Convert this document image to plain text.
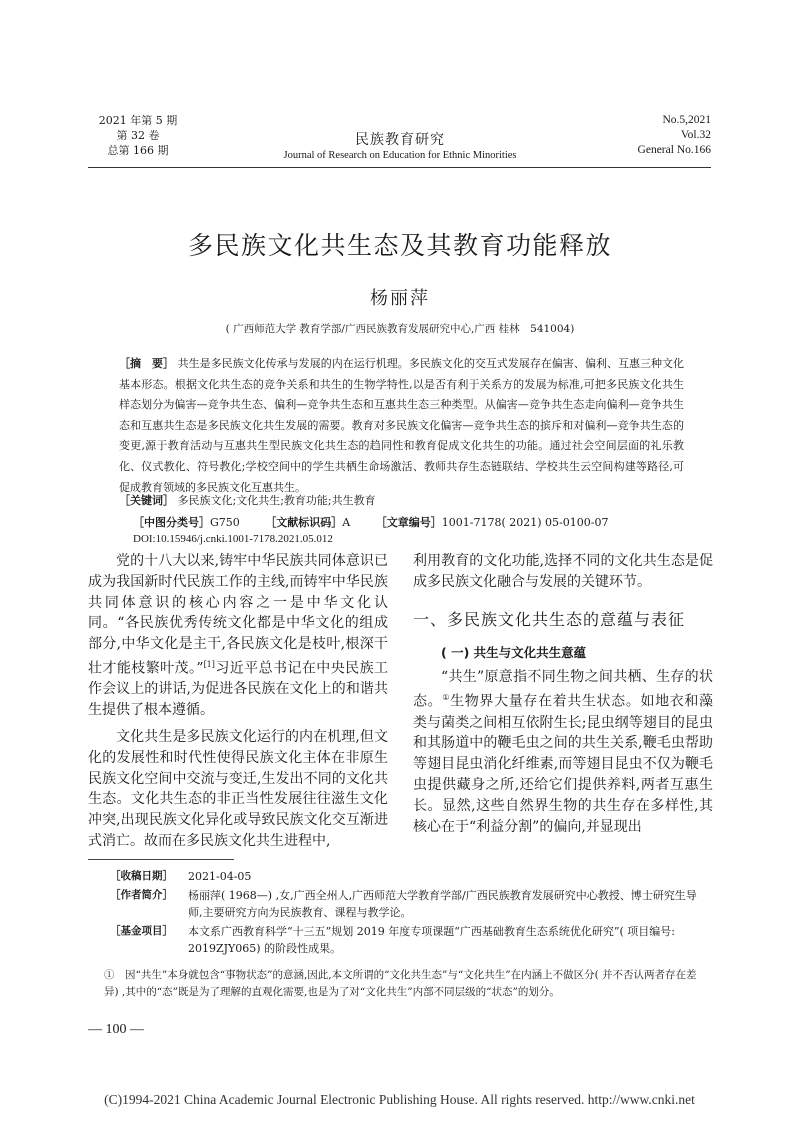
2021 年第 5 期
第 32 卷
总第 166 期
民族教育研究
Journal of Research on Education for Ethnic Minorities
No.5,2021
Vol.32
General No.166
多民族文化共生态及其教育功能释放
杨丽萍
( 广西师范大学 教育学部/广西民族教育发展研究中心,广西 桂林　541004)
［摘　要］ 共生是多民族文化传承与发展的内在运行机理。多民族文化的交互式发展存在偏害、偏利、互惠三种文化基本形态。根据文化共生态的竞争关系和共生的生物学特性,以是否有利于关系方的发展为标准,可把多民族文化共生样态划分为偏害—竞争共生态、偏利—竞争共生态和互惠共生态三种类型。从偏害—竞争共生态走向偏利—竞争共生态和互惠共生态是多民族文化共生发展的需要。教育对多民族文化偏害—竞争共生态的摈斥和对偏利—竞争共生态的变更,源于教育活动与互惠共生型民族文化共生态的趋同性和教育促成文化共生的功能。通过社会空间层面的礼乐教化、仪式教化、符号教化;学校空间中的学生共栖生命场激活、教师共存生态链联结、学校共生云空间构建等路径,可促成教育领域的多民族文化互惠共生。
［关键词］ 多民族文化;文化共生;教育功能;共生教育
［中图分类号］G750 ［文献标识码］A ［文章编号］1001-7178( 2021) 05-0100-07
DOI:10.15946/j.cnki.1001-7178.2021.05.012

党的十八大以来,铸牢中华民族共同体意识已成为我国新时代民族工作的主线,而铸牢中华民族共同体意识的核心内容之一是中华文化认同。“各民族优秀传统文化都是中华文化的组成部分,中华文化是主干,各民族文化是枝叶,根深干壮才能枝繁叶茂。”[1]习近平总书记在中央民族工作会议上的讲话,为促进各民族在文化上的和谐共生提供了根本遵循。

文化共生是多民族文化运行的内在机理,但文化的发展性和时代性使得民族文化主体在非原生民族文化空间中交流与变迁,生发出不同的文化共生态。文化共生态的非正当性发展往往滋生文化冲突,出现民族文化异化或导致民族文化交互渐进式消亡。故而在多民族文化共生进程中,

利用教育的文化功能,选择不同的文化共生态是促成多民族文化融合与发展的关键环节。

一、多民族文化共生态的意蕴与表征
( 一) 共生与文化共生意蕴

“共生”原意指不同生物之间共栖、生存的状态。①生物界大量存在着共生状态。如地衣和藻类与菌类之间相互依附生长;昆虫纲等翅目的昆虫和其肠道中的鞭毛虫之间的共生关系,鞭毛虫帮助等翅目昆虫消化纤维素,而等翅目昆虫不仅为鞭毛虫提供藏身之所,还给它们提供养料,两者互惠生长。显然,这些自然界生物的共生存在多样性,其核心在于“利益分割”的偏向,并显现出

［收稿日期］	2021-04-05
［作者简介］	杨丽萍( 1968—) ,女,广西全州人,广西师范大学教育学部/广西民族教育发展研究中心教授、博士研究生导师,主要研究方向为民族教育、课程与教学论。
［基金项目］	本文系广西教育科学“十三五”规划 2019 年度专项课题“广西基础教育生态系统优化研究”( 项目编号: 2019ZJY065) 的阶段性成果。
①　因“共生”本身就包含“事物状态”的意涵,因此,本文所谓的“文化共生态”与“文化共生”在内涵上不做区分( 并不否认两者存在差异) ,其中的“态”既是为了理解的直观化需要,也是为了对“文化共生”内部不同层级的“状态”的划分。
— 100 —
(C)1994-2021 China Academic Journal Electronic Publishing House. All rights reserved. http://www.cnki.net
